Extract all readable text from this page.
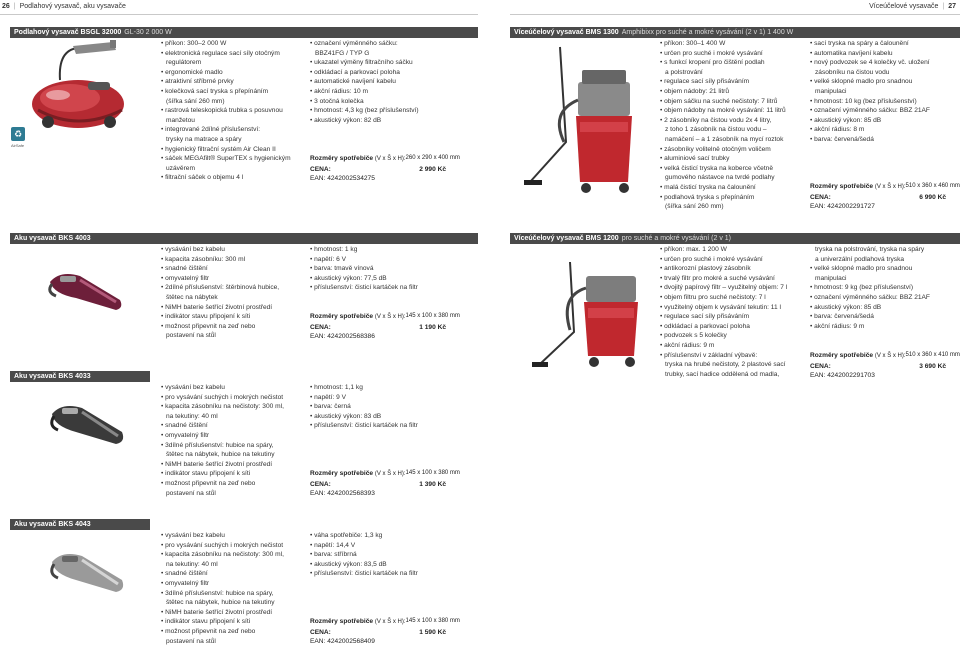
26 | Podlahový vysavač, aku vysavače	Víceúčelové vysavače | 27
Podlahový vysavač BSGL 32000 GL-30 2 000 W
♻
AirSafe
• příkon: 300–2 000 W
• elektronická regulace sací síly otočným
regulátorem
• ergonomické madlo
• atraktivní stříbrné prvky
• kolečková sací tryska s přepínáním
(šířka sání 260 mm)
• rastrová teleskopická trubka s posuvnou
manžetou
• integrované 2dílné příslušenství:
trysky na matrace a spáry
• hygienický filtrační systém Air Clean II
• sáček MEGAfilt® SuperTEX s hygienickým
uzávěrem
• filtrační sáček o objemu 4 l
• označení výměnného sáčku:
BBZ41FG / TYP G
• ukazatel výměny filtračního sáčku
• odkládací a parkovací poloha
• automatické navíjení kabelu
• akční rádius: 10 m
• 3 otočná kolečka
• hmotnost: 4,3 kg (bez příslušenství)
• akustický výkon: 82 dB
Rozměry spotřebiče (V x Š x H): 260 x 290 x 400 mm
CENA:	2 990 Kč
EAN: 4242002534275
Víceúčelový vysavač BMS 1300 Amphibixx pro suché a mokré vysávání (2 v 1) 1 400 W
• příkon: 300–1 400 W
• určen pro suché i mokré vysávání
• s funkcí kropení pro čištění podlah
a polstrování
• regulace sací síly přisáváním
• objem nádoby: 21 litrů
• objem sáčku na suché nečistoty: 7 litrů
• objem nádoby na mokré vysávání: 11 litrů
• 2 zásobníky na čistou vodu 2x 4 litry,
z toho 1 zásobník na čistou vodu –
namáčení – a 1 zásobník na mycí roztok
• zásobníky volitelně otočným voličem
• aluminiové sací trubky
• velká čisticí tryska na koberce včetně
gumového nástavce na tvrdé podlahy
• malá čisticí tryska na čalounění
• podlahová tryska s přepínáním
(šířka sání 260 mm)
• sací tryska na spáry a čalounění
• automatika navíjení kabelu
• nový podvozek se 4 kolečky vč. uložení
zásobníku na čistou vodu
• velké sklopné madlo pro snadnou
manipulaci
• hmotnost: 10 kg (bez příslušenství)
• označení výměnného sáčku: BBZ 21AF
• akustický výkon: 85 dB
• akční rádius: 8 m
• barva: červená/šedá
Rozměry spotřebiče (V x Š x H): 510 x 360 x 460 mm
CENA:	6 990 Kč
EAN: 4242002291727
Aku vysavač BKS 4003
• vysávání bez kabelu
• kapacita zásobníku: 300 ml
• snadné čištění
• omyvatelný filtr
• 2dílné příslušenství: štěrbinová hubice,
štětec na nábytek
• NiMH baterie šetřící životní prostředí
• indikátor stavu připojení k síti
• možnost připevnit na zeď nebo
postavení na stůl
• hmotnost: 1 kg
• napětí: 6 V
• barva: tmavě vínová
• akustický výkon: 77,5 dB
• příslušenství: čisticí kartáček na filtr
Rozměry spotřebiče (V x Š x H): 145 x 100 x 380 mm
CENA:	1 190 Kč
EAN: 4242002568386
Aku vysavač BKS 4033
• vysávání bez kabelu
• pro vysávání suchých i mokrých nečistot
• kapacita zásobníku na nečistoty: 300 ml,
na tekutiny: 40 ml
• snadné čištění
• omyvatelný filtr
• 3dílné příslušenství: hubice na spáry,
štětec na nábytek, hubice na tekutiny
• NiMH baterie šetřící životní prostředí
• indikátor stavu připojení k síti
• možnost připevnit na zeď nebo
postavení na stůl
• hmotnost: 1,1 kg
• napětí: 9 V
• barva: černá
• akustický výkon: 83 dB
• příslušenství: čisticí kartáček na filtr
Rozměry spotřebiče (V x Š x H): 145 x 100 x 380 mm
CENA:	1 390 Kč
EAN: 4242002568393
Aku vysavač BKS 4043
• vysávání bez kabelu
• pro vysávání suchých i mokrých nečistot
• kapacita zásobníku na nečistoty: 300 ml,
na tekutiny: 40 ml
• snadné čištění
• omyvatelný filtr
• 3dílné příslušenství: hubice na spáry,
štětec na nábytek, hubice na tekutiny
• NiMH baterie šetřící životní prostředí
• indikátor stavu připojení k síti
• možnost připevnit na zeď nebo
postavení na stůl
• váha spotřebiče: 1,3 kg
• napětí: 14,4 V
• barva: stříbrná
• akustický výkon: 83,5 dB
• příslušenství: čisticí kartáček na filtr
Rozměry spotřebiče (V x Š x H): 145 x 100 x 380 mm
CENA:	1 590 Kč
EAN: 4242002568409
Víceúčelový vysavač BMS 1200 pro suché a mokré vysávání (2 v 1)
• příkon: max. 1 200 W
• určen pro suché i mokré vysávání
• antikorozní plastový zásobník
• trvalý filtr pro mokré a suché vysávání
• dvojitý papírový filtr – využitelný objem: 7 l
• objem filtru pro suché nečistoty: 7 l
• využitelný objem k vysávání tekutin: 11 l
• regulace sací síly přisáváním
• odkládací a parkovací poloha
• podvozek s 5 kolečky
• akční rádius: 9 m
• příslušenství v základní výbavě:
tryska na hrubé nečistoty, 2 plastové sací
trubky, sací hadice oddělená od madla,
tryska na polstrování, tryska na spáry
a univerzální podlahová tryska
• velké sklopné madlo pro snadnou
manipulaci
• hmotnost: 9 kg (bez příslušenství)
• označení výměnného sáčku: BBZ 21AF
• akustický výkon: 85 dB
• barva: červená/šedá
• akční rádius: 9 m
Rozměry spotřebiče (V x Š x H): 510 x 360 x 410 mm
CENA:	3 690 Kč
EAN: 4242002291703
